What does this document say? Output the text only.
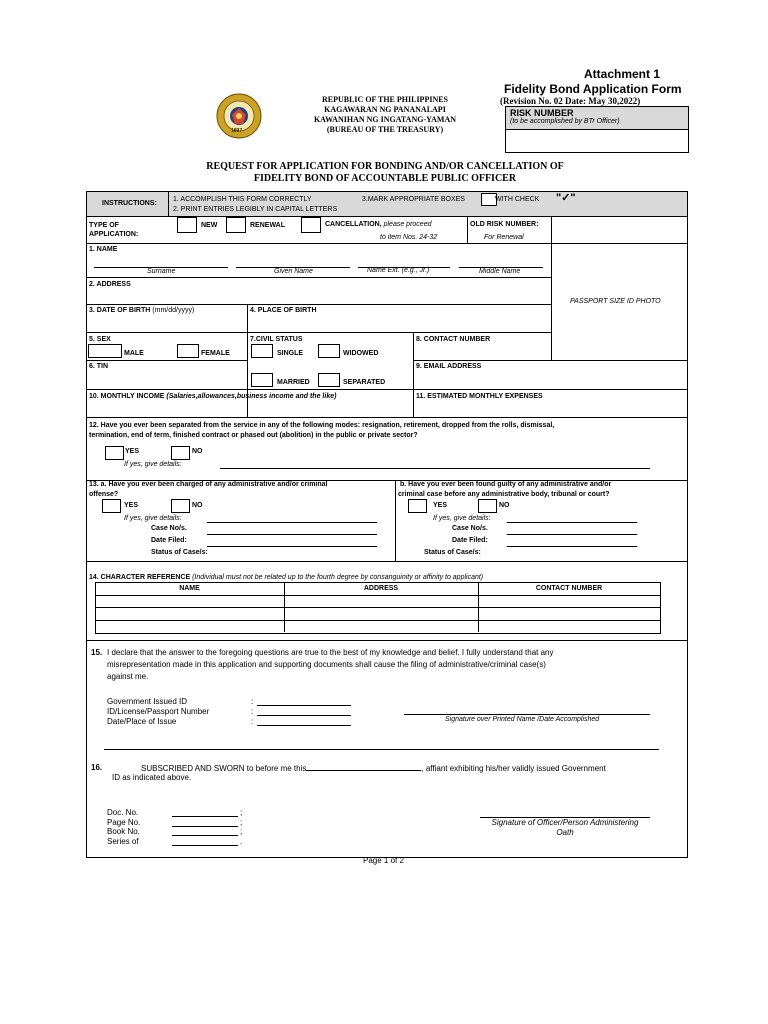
Attachment 1
Fidelity Bond Application Form
(Revision No. 02 Date: May 30,2022)
1897
REPUBLIC OF THE PHILIPPINES
KAGAWARAN NG PANANALAPI
KAWANIHAN NG INGATANG-YAMAN
(BUREAU OF THE TREASURY)
RISK NUMBER
(to be accomplished by BTr Officer)
REQUEST FOR APPLICATION FOR BONDING AND/OR CANCELLATION OF
FIDELITY BOND OF ACCOUNTABLE PUBLIC OFFICER
INSTRUCTIONS:
1. ACCOMPLISH THIS FORM CORRECTLY
2. PRINT ENTRIES LEGIBLY IN CAPITAL LETTERS
3.MARK APPROPRIATE BOXES	WITH CHECK "✓"
TYPE OF APPLICATION:
NEW	RENEWAL	CANCELLATION, please proceed
to item Nos. 24-32
OLD RISK NUMBER:
For Renewal
1. NAME
Surname	Given Name	Name Ext. (e.g., Jr.)	Middle Name
PASSPORT SIZE ID PHOTO
2. ADDRESS
3. DATE OF BIRTH (mm/dd/yyyy)	4. PLACE OF BIRTH
5. SEX
MALE	FEMALE
7.CIVIL STATUS
SINGLE	WIDOWED
MARRIED	SEPARATED
8. CONTACT NUMBER
6. TIN	9. EMAIL ADDRESS
10. MONTHLY INCOME (Salaries,allowances,business income and the like)	11. ESTIMATED MONTHLY EXPENSES
12. Have you ever been separated from the service in any of the following modes: resignation, retirement, dropped from the rolls, dismissal,
termination, end of term, finished contract or phased out (abolition) in the public or private sector?
YES	NO
If yes, give details:
13. a. Have you ever been charged of any administrative and/or criminal
offense?
YES	NO
If yes, give details:
Case No/s.
Date Filed:
Status of Case/s:
b. Have you ever been found guilty of any administrative and/or
criminal case before any administrative body, tribunal or court?
YES	NO
If yes, give details:
Case No/s.
Date Filed:
Status of Case/s:
14. CHARACTER REFERENCE (Individual must not be related up to the fourth degree by consanguinity or affinity to applicant)
NAME	ADDRESS	CONTACT NUMBER
15. I declare that the answer to the foregoing questions are true to the best of my knowledge and belief. I fully understand that any
misrepresentation made in this application and supporting documents shall cause the filing of administrative/criminal case(s)
against me.
Government Issued ID
ID/License/Passport Number
Date/Place of Issue
:
:
:	Signature over Printed Name /Date Accomplished
16.	SUBSCRIBED AND SWORN to before me this	, affiant exhibiting his/her validly issued Government
ID as indicated above.
Doc. No.
Page No.
Book No.
Series of
;
;
;
.
Signature of Officer/Person Administering
Oath
Page 1 of 2
